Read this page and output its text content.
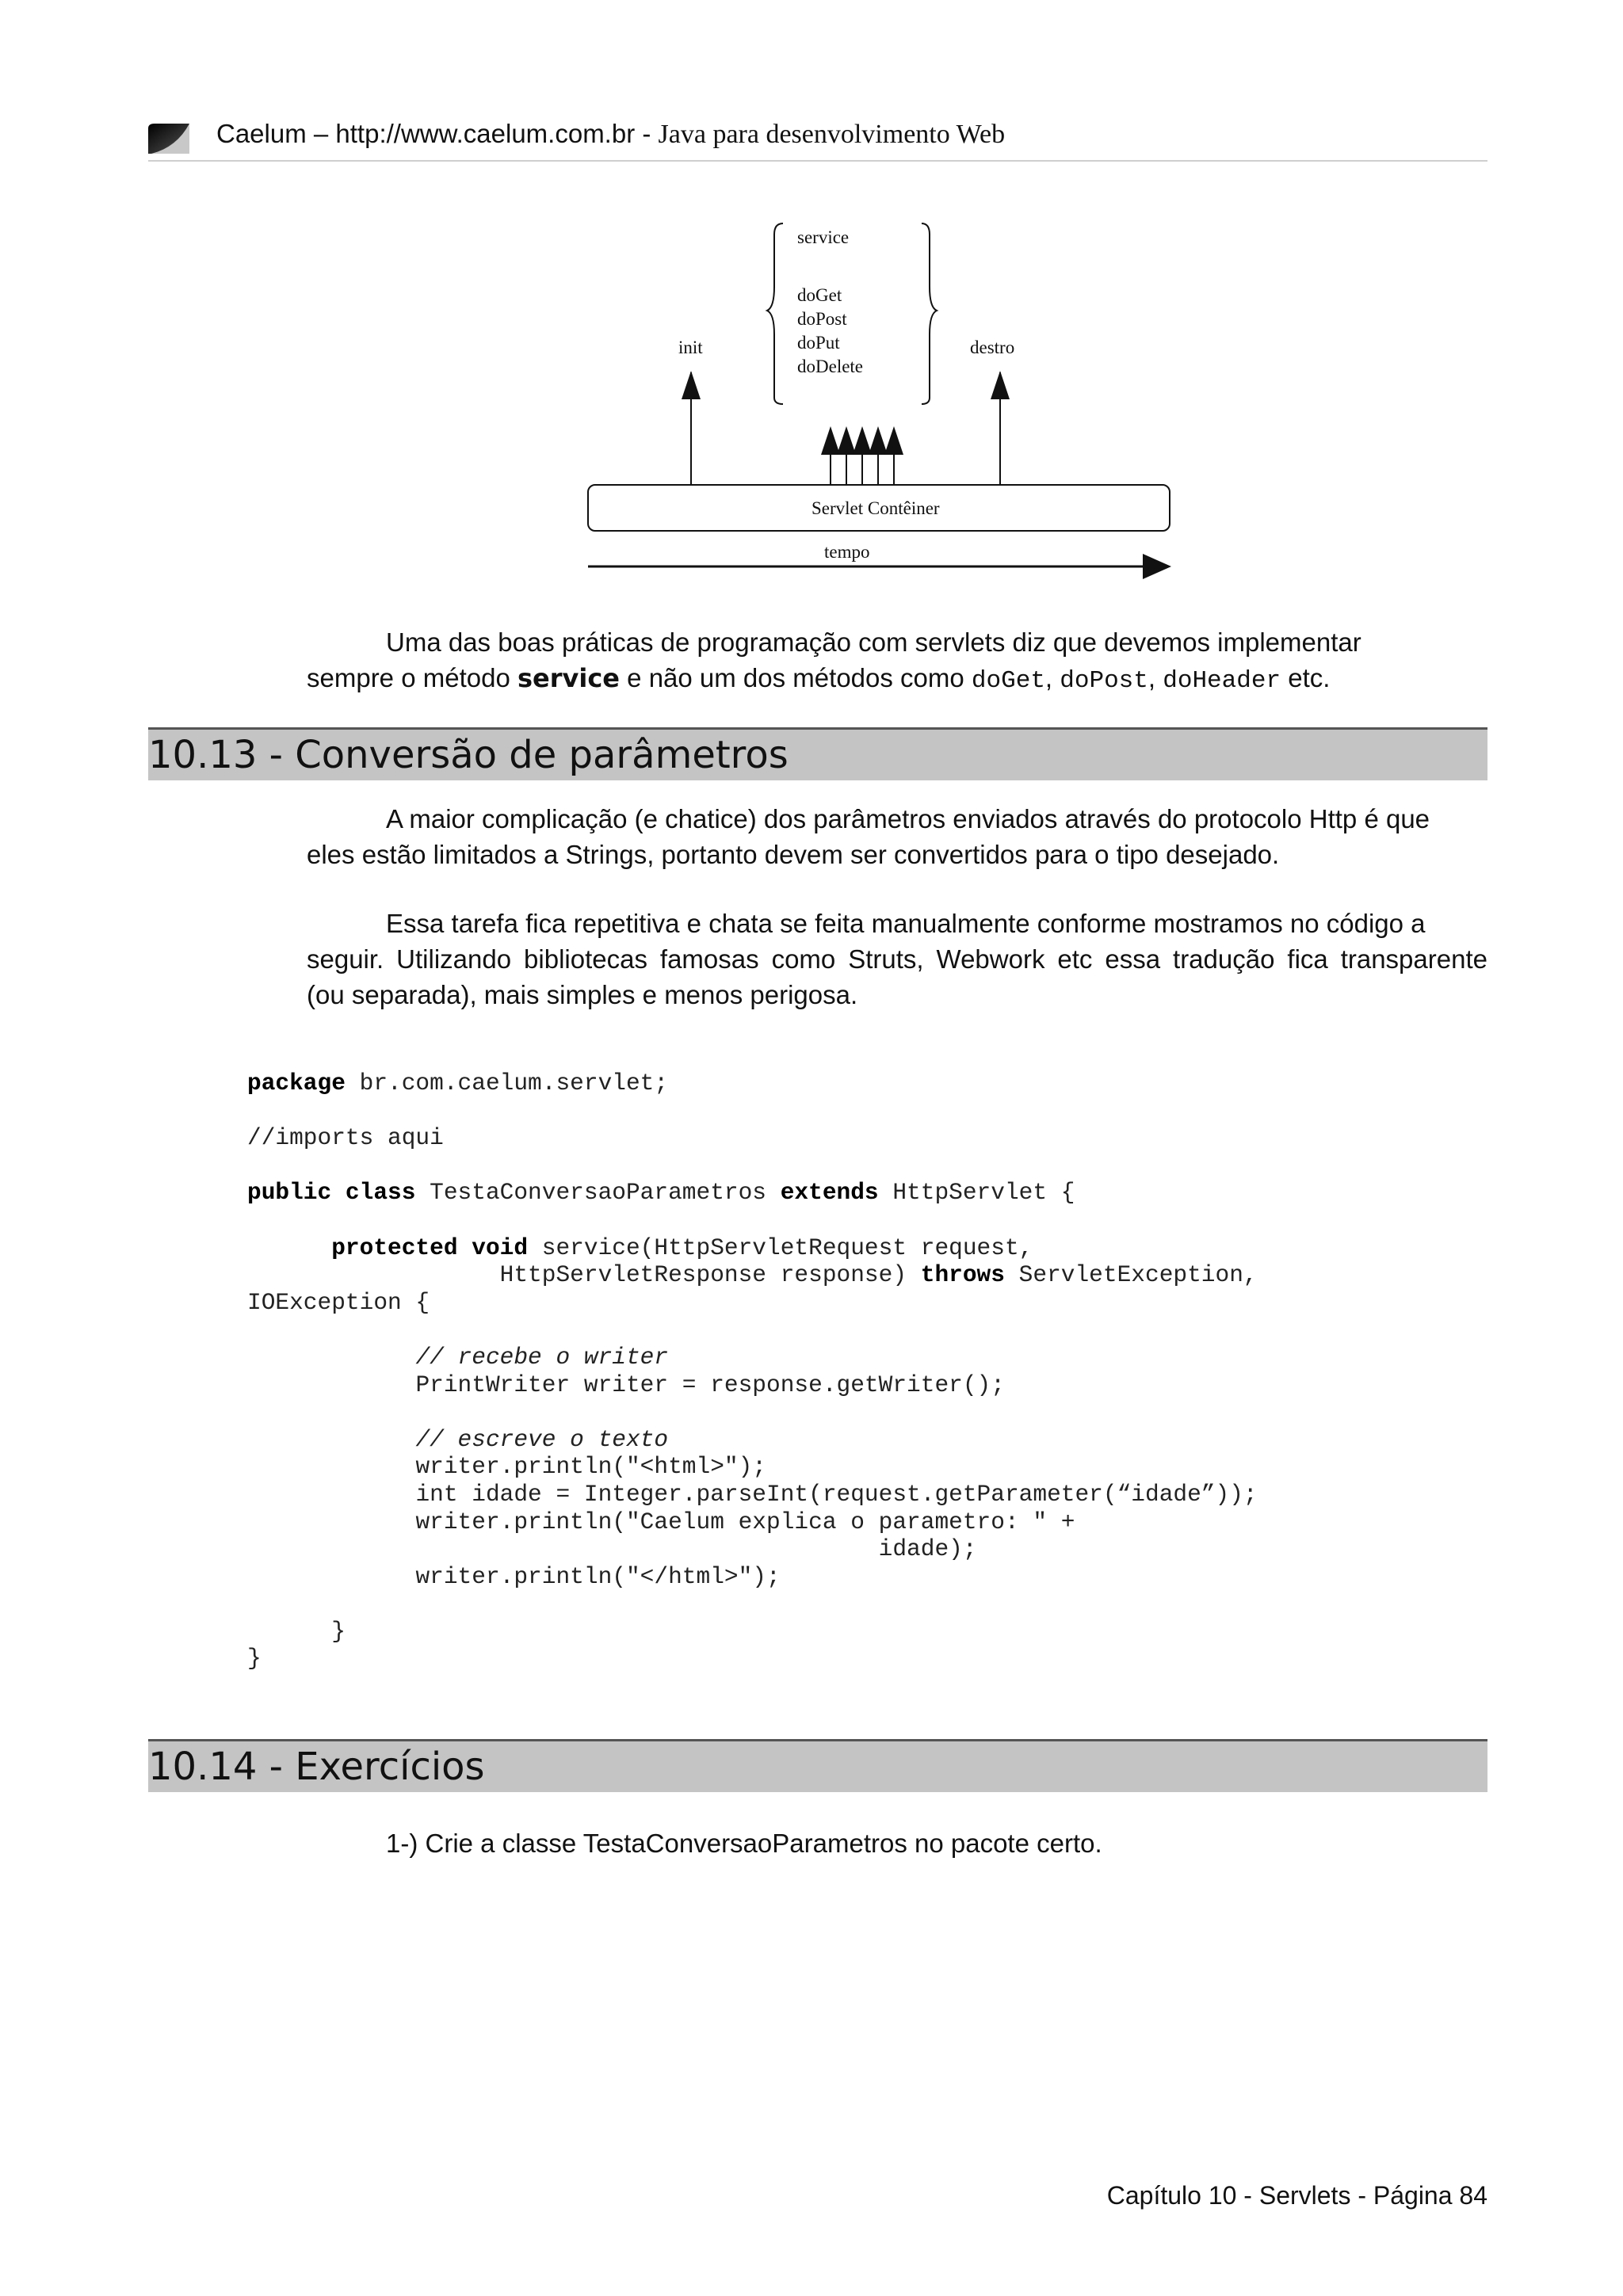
Caelum – http://www.caelum.com.br - Java para desenvolvimento Web
service
doGet
doPost
doPut
doDelete
init	destro
Servlet Contêiner
tempo
Uma das boas práticas de programação com servlets diz que devemos implementar
sempre o método service e não um dos métodos como doGet, doPost, doHeader etc.
10.13 - Conversão de parâmetros
A maior complicação (e chatice) dos parâmetros enviados através do protocolo Http é que
eles estão limitados a Strings, portanto devem ser convertidos para o tipo desejado.
Essa tarefa fica repetitiva e chata se feita manualmente conforme mostramos no código a
seguir. Utilizando bibliotecas famosas como Struts, Webwork etc essa tradução fica transparente
(ou separada), mais simples e menos perigosa.
package br.com.caelum.servlet;

//imports aqui

public class TestaConversaoParametros extends HttpServlet {

protected void service(HttpServletRequest request,
HttpServletResponse response) throws ServletException,
IOException {

// recebe o writer
PrintWriter writer = response.getWriter();

// escreve o texto
writer.println("<html>");
int idade = Integer.parseInt(request.getParameter(“idade”));
writer.println("Caelum explica o parametro: " +
idade);
writer.println("</html>");

}
}
10.14 - Exercícios
1-) Crie a classe TestaConversaoParametros no pacote certo.
Capítulo 10 - Servlets - Página 84
